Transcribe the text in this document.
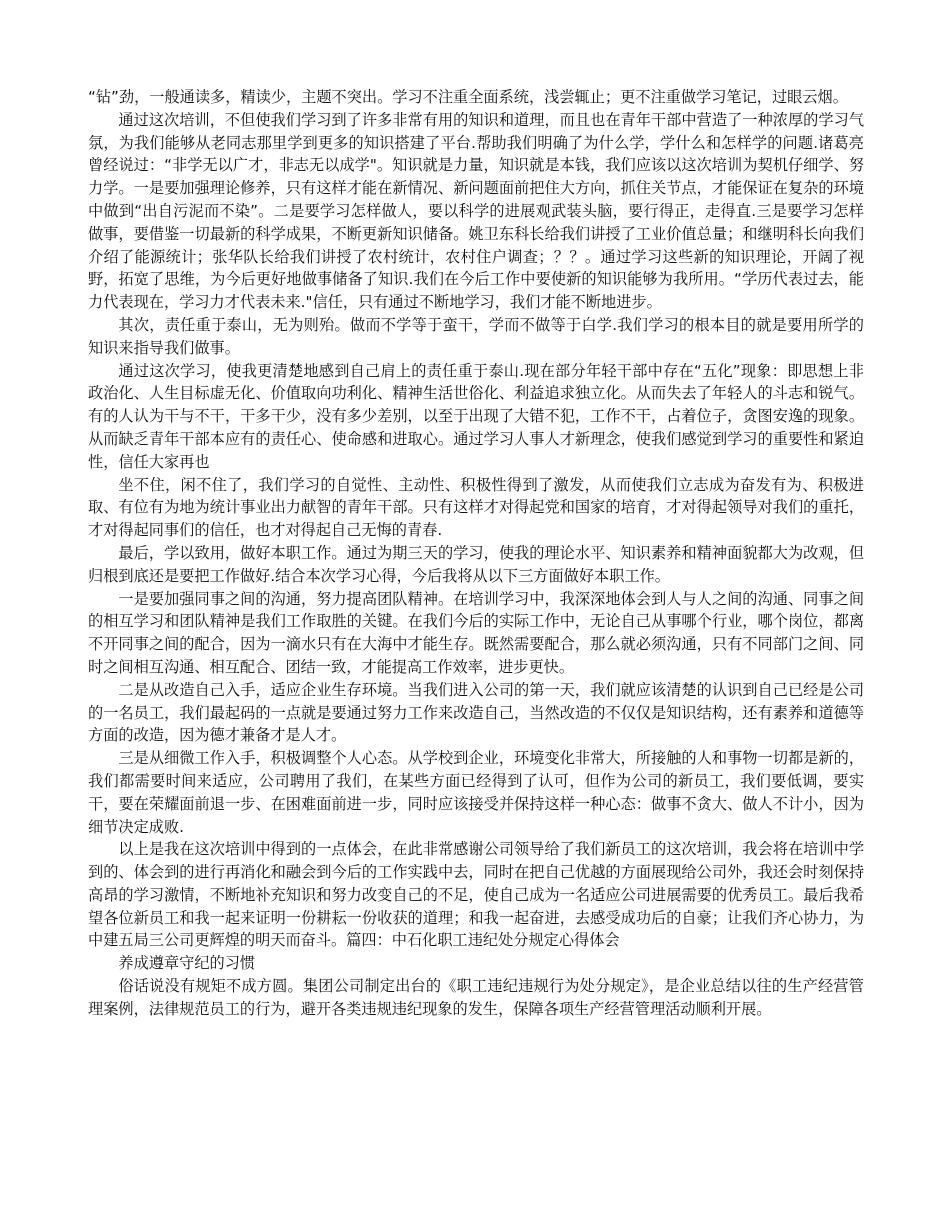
“钻”劲，一般通读多，精读少，主题不突出。学习不注重全面系统，浅尝辄止；更不注重做学习笔记，过眼云烟。

通过这次培训，不但使我们学习到了许多非常有用的知识和道理，而且也在青年干部中营造了一种浓厚的学习气氛，为我们能够从老同志那里学到更多的知识搭建了平台.帮助我们明确了为什么学，学什么和怎样学的问题.诸葛亮曾经说过：“非学无以广才，非志无以成学"。知识就是力量，知识就是本钱，我们应该以这次培训为契机仔细学、努力学。一是要加强理论修养，只有这样才能在新情况、新问题面前把住大方向，抓住关节点，才能保证在复杂的环境中做到“出自污泥而不染”。二是要学习怎样做人，要以科学的进展观武装头脑，要行得正，走得直.三是要学习怎样做事，要借鉴一切最新的科学成果，不断更新知识储备。姚卫东科长给我们讲授了工业价值总量；和继明科长向我们介绍了能源统计；张华队长给我们讲授了农村统计，农村住户调查；？？。通过学习这些新的知识理论，开阔了视野，拓宽了思维，为今后更好地做事储备了知识.我们在今后工作中要使新的知识能够为我所用。“学历代表过去，能力代表现在，学习力才代表未来."信任，只有通过不断地学习，我们才能不断地进步。

其次，责任重于泰山，无为则殆。做而不学等于蛮干，学而不做等于白学.我们学习的根本目的就是要用所学的知识来指导我们做事。

通过这次学习，使我更清楚地感到自己肩上的责任重于泰山.现在部分年轻干部中存在“五化”现象：即思想上非政治化、人生目标虚无化、价值取向功利化、精神生活世俗化、利益追求独立化。从而失去了年轻人的斗志和锐气。有的人认为干与不干，干多干少，没有多少差别，以至于出现了大错不犯，工作不干，占着位子，贪图安逸的现象。从而缺乏青年干部本应有的责任心、使命感和进取心。通过学习人事人才新理念，使我们感觉到学习的重要性和紧迫性，信任大家再也

坐不住，闲不住了，我们学习的自觉性、主动性、积极性得到了激发，从而使我们立志成为奋发有为、积极进取、有位有为地为统计事业出力献智的青年干部。只有这样才对得起党和国家的培育，才对得起领导对我们的重托，才对得起同事们的信任，也才对得起自己无悔的青春.

最后，学以致用，做好本职工作。通过为期三天的学习，使我的理论水平、知识素养和精神面貌都大为改观，但归根到底还是要把工作做好.结合本次学习心得，今后我将从以下三方面做好本职工作。

一是要加强同事之间的沟通，努力提高团队精神。在培训学习中，我深深地体会到人与人之间的沟通、同事之间的相互学习和团队精神是我们工作取胜的关键。在我们今后的实际工作中，无论自己从事哪个行业，哪个岗位，都离不开同事之间的配合，因为一滴水只有在大海中才能生存。既然需要配合，那么就必须沟通，只有不同部门之间、同时之间相互沟通、相互配合、团结一致，才能提高工作效率，进步更快。

二是从改造自己入手，适应企业生存环境。当我们进入公司的第一天，我们就应该清楚的认识到自己已经是公司的一名员工，我们最起码的一点就是要通过努力工作来改造自己，当然改造的不仅仅是知识结构，还有素养和道德等方面的改造，因为德才兼备才是人才。

三是从细微工作入手，积极调整个人心态。从学校到企业，环境变化非常大，所接触的人和事物一切都是新的，我们都需要时间来适应，公司聘用了我们，在某些方面已经得到了认可，但作为公司的新员工，我们要低调，要实干，要在荣耀面前退一步、在困难面前进一步，同时应该接受并保持这样一种心态：做事不贪大、做人不计小，因为细节决定成败.

以上是我在这次培训中得到的一点体会，在此非常感谢公司领导给了我们新员工的这次培训，我会将在培训中学到的、体会到的进行再消化和融会到今后的工作实践中去，同时在把自己优越的方面展现给公司外，我还会时刻保持高昂的学习激情，不断地补充知识和努力改变自己的不足，使自己成为一名适应公司进展需要的优秀员工。最后我希望各位新员工和我一起来证明一份耕耘一份收获的道理；和我一起奋进，去感受成功后的自豪；让我们齐心协力，为中建五局三公司更辉煌的明天而奋斗。篇四：中石化职工违纪处分规定心得体会

养成遵章守纪的习惯

俗话说没有规矩不成方圆。集团公司制定出台的《职工违纪违规行为处分规定》，是企业总结以往的生产经营管理案例，法律规范员工的行为，避开各类违规违纪现象的发生，保障各项生产经营管理活动顺利开展。
